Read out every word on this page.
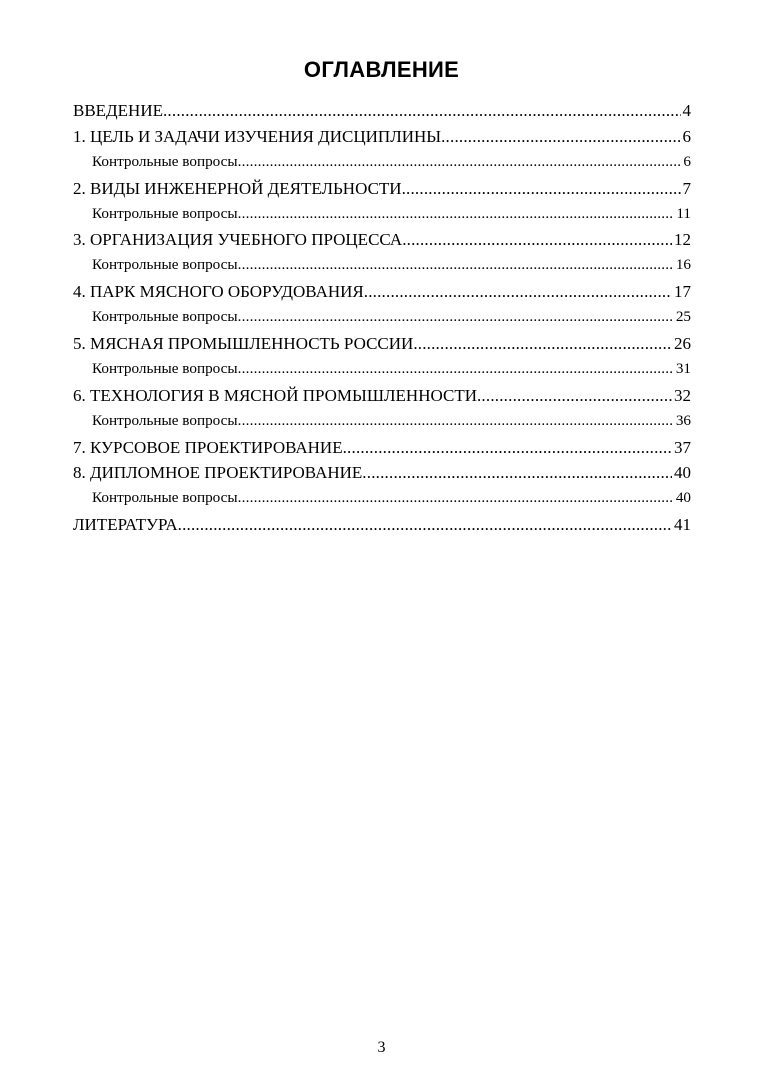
ОГЛАВЛЕНИЕ
ВВЕДЕНИЕ .....	4
1. ЦЕЛЬ И ЗАДАЧИ ИЗУЧЕНИЯ ДИСЦИПЛИНЫ .....	6
Контрольные вопросы .....	6
2. ВИДЫ ИНЖЕНЕРНОЙ ДЕЯТЕЛЬНОСТИ .....	7
Контрольные вопросы .....	11
3. ОРГАНИЗАЦИЯ УЧЕБНОГО ПРОЦЕССА .....	12
Контрольные вопросы .....	16
4. ПАРК МЯСНОГО ОБОРУДОВАНИЯ .....	17
Контрольные вопросы .....	25
5. МЯСНАЯ ПРОМЫШЛЕННОСТЬ РОССИИ .....	26
Контрольные вопросы .....	31
6. ТЕХНОЛОГИЯ В МЯСНОЙ ПРОМЫШЛЕННОСТИ .....	32
Контрольные вопросы .....	36
7. КУРСОВОЕ ПРОЕКТИРОВАНИЕ .....	37
8. ДИПЛОМНОЕ ПРОЕКТИРОВАНИЕ .....	40
Контрольные вопросы .....	40
ЛИТЕРАТУРА .....	41
3
